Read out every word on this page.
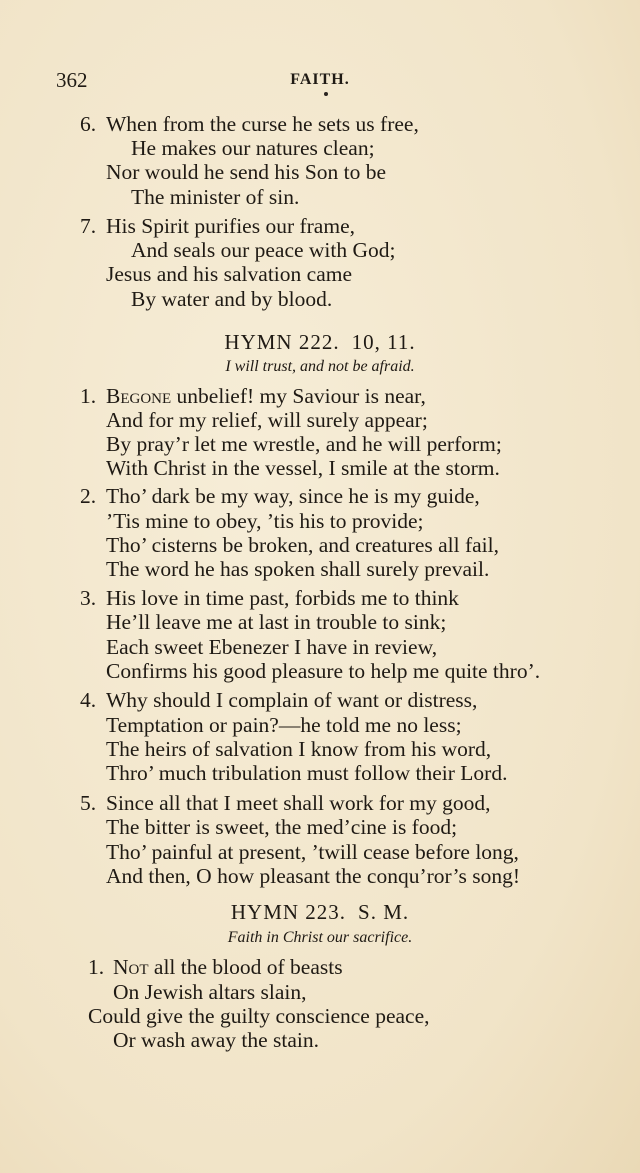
362	FAITH.
6. When from the curse he sets us free,
He makes our natures clean;
Nor would he send his Son to be
The minister of sin.
7. His Spirit purifies our frame,
And seals our peace with God;
Jesus and his salvation came
By water and by blood.
HYMN 222. 10, 11.
I will trust, and not be afraid.
1. Begone unbelief! my Saviour is near,
And for my relief, will surely appear;
By pray’r let me wrestle, and he will perform;
With Christ in the vessel, I smile at the storm.
2. Tho’ dark be my way, since he is my guide,
’Tis mine to obey, ’tis his to provide;
Tho’ cisterns be broken, and creatures all fail,
The word he has spoken shall surely prevail.
3. His love in time past, forbids me to think
He’ll leave me at last in trouble to sink;
Each sweet Ebenezer I have in review,
Confirms his good pleasure to help me quite thro’.
4. Why should I complain of want or distress,
Temptation or pain?—he told me no less;
The heirs of salvation I know from his word,
Thro’ much tribulation must follow their Lord.
5. Since all that I meet shall work for my good,
The bitter is sweet, the med’cine is food;
Tho’ painful at present, ’twill cease before long,
And then, O how pleasant the conqu’ror’s song!
HYMN 223. S. M.
Faith in Christ our sacrifice.
1. Not all the blood of beasts
On Jewish altars slain,
Could give the guilty conscience peace,
Or wash away the stain.
